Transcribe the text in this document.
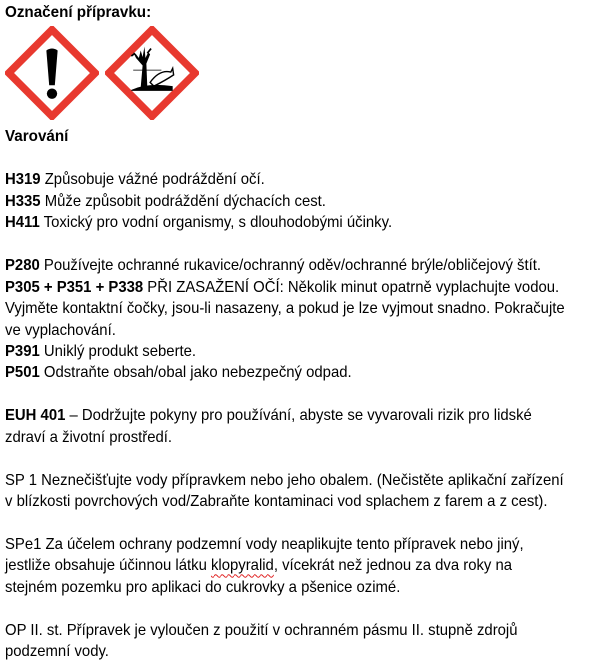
Označení přípravku:
Varování
H319 Způsobuje vážné podráždění očí.
H335 Může způsobit podráždění dýchacích cest.
H411 Toxický pro vodní organismy, s dlouhodobými účinky.
P280 Používejte ochranné rukavice/ochranný oděv/ochranné brýle/obličejový štít.
P305 + P351 + P338 PŘI ZASAŽENÍ OČÍ: Několik minut opatrně vyplachujte vodou.
Vyjměte kontaktní čočky, jsou-li nasazeny, a pokud je lze vyjmout snadno. Pokračujte
ve vyplachování.
P391 Uniklý produkt seberte.
P501 Odstraňte obsah/obal jako nebezpečný odpad.
EUH 401 – Dodržujte pokyny pro používání, abyste se vyvarovali rizik pro lidské
zdraví a životní prostředí.
SP 1 Neznečišťujte vody přípravkem nebo jeho obalem. (Nečistěte aplikační zařízení
v blízkosti povrchových vod/Zabraňte kontaminaci vod splachem z farem a z cest).
SPe1 Za účelem ochrany podzemní vody neaplikujte tento přípravek nebo jiný,
jestliže obsahuje účinnou látku klopyralid, vícekrát než jednou za dva roky na
stejném pozemku pro aplikaci do cukrovky a pšenice ozimé.
OP II. st. Přípravek je vyloučen z použití v ochranném pásmu II. stupně zdrojů
podzemní vody.
